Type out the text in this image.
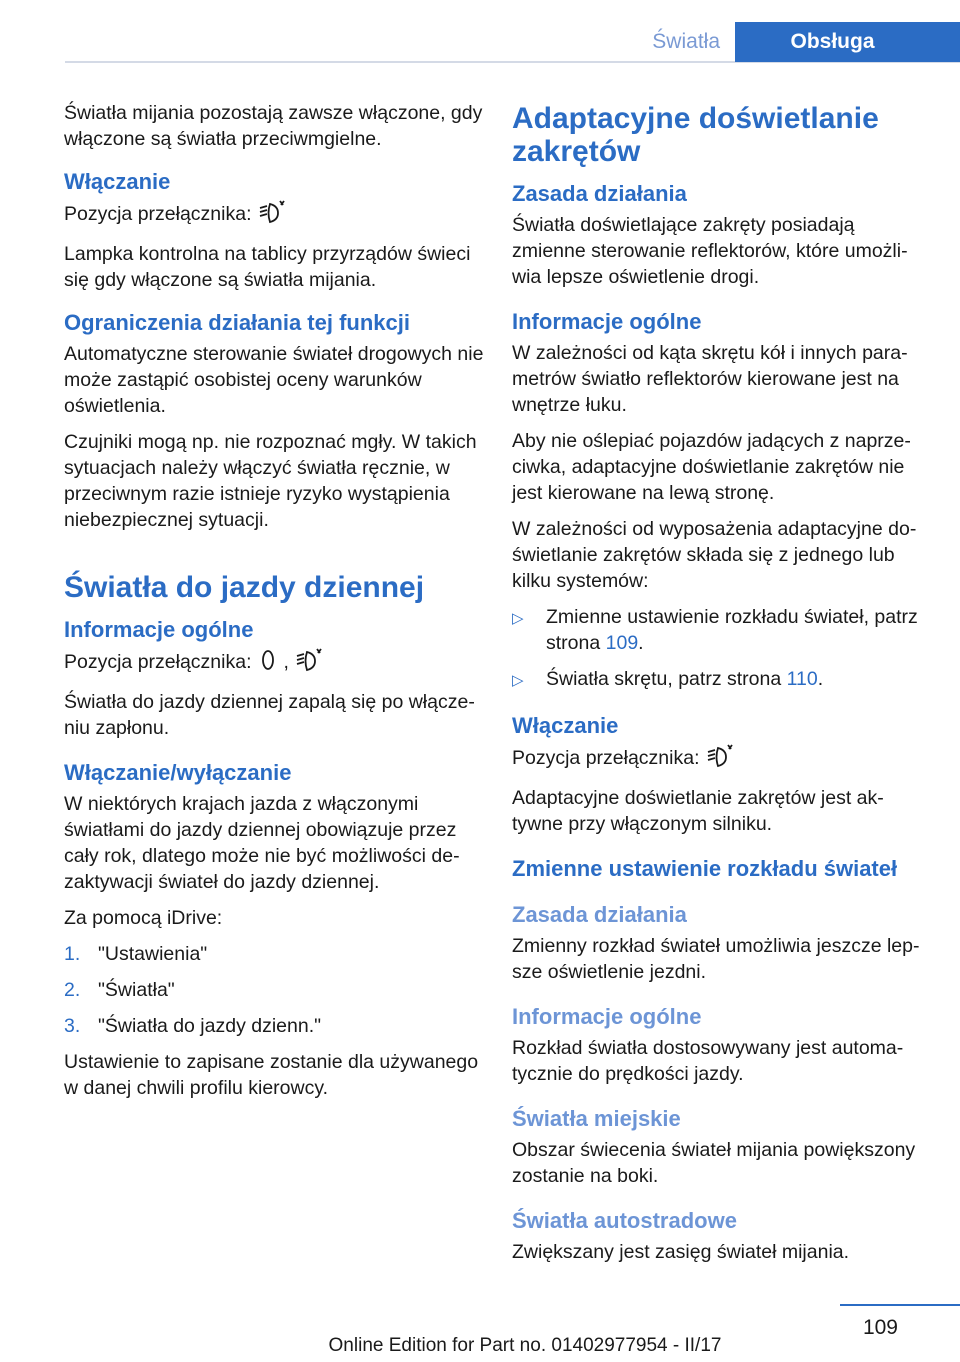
Światła	Obsługa

Światła mijania pozostają zawsze włączone, gdy włączone są światła przeciwmgielne.

Włączanie

Pozycja przełącznika:

Lampka kontrolna na tablicy przyrządów świeci się gdy włączone są światła mijania.

Ograniczenia działania tej funkcji

Automatyczne sterowanie świateł drogowych nie może zastąpić osobistej oceny warunków oświetlenia.

Czujniki mogą np. nie rozpoznać mgły. W takich sytuacjach należy włączyć światła ręcznie, w przeciwnym razie istnieje ryzyko wystąpienia niebezpiecznej sytuacji.

Światła do jazdy dziennej
Informacje ogólne

Pozycja przełącznika: ,

Światła do jazdy dziennej zapalą się po włączeniu zapłonu.

Włączanie/wyłączanie

W niektórych krajach jazda z włączonymi światłami do jazdy dziennej obowiązuje przez cały rok, dlatego może nie być możliwości dezaktywacji świateł do jazdy dziennej.

Za pomocą iDrive:

1. "Ustawienia"
2. "Światła"
3. "Światła do jazdy dzienn."

Ustawienie to zapisane zostanie dla używanego w danej chwili profilu kierowcy.

Adaptacyjne doświetlanie zakrętów
Zasada działania

Światła doświetlające zakręty posiadają zmienne sterowanie reflektorów, które umożliwia lepsze oświetlenie drogi.

Informacje ogólne

W zależności od kąta skrętu kół i innych parametrów światło reflektorów kierowane jest na wnętrze łuku.

Aby nie oślepiać pojazdów jadących z naprzeciwka, adaptacyjne doświetlanie zakrętów nie jest kierowane na lewą stronę.

W zależności od wyposażenia adaptacyjne doświetlanie zakrętów składa się z jednego lub kilku systemów:

▷	Zmienne ustawienie rozkładu świateł, patrz strona 109.
▷	Światła skrętu, patrz strona 110.
Włączanie

Pozycja przełącznika:

Adaptacyjne doświetlanie zakrętów jest aktywne przy włączonym silniku.

Zmienne ustawienie rozkładu świateł
Zasada działania

Zmienny rozkład świateł umożliwia jeszcze lepsze oświetlenie jezdni.

Informacje ogólne

Rozkład światła dostosowywany jest automatycznie do prędkości jazdy.

Światła miejskie

Obszar świecenia świateł mijania powiększony zostanie na boki.

Światła autostradowe

Zwiększany jest zasięg świateł mijania.

109
Online Edition for Part no. 01402977954 - II/17
